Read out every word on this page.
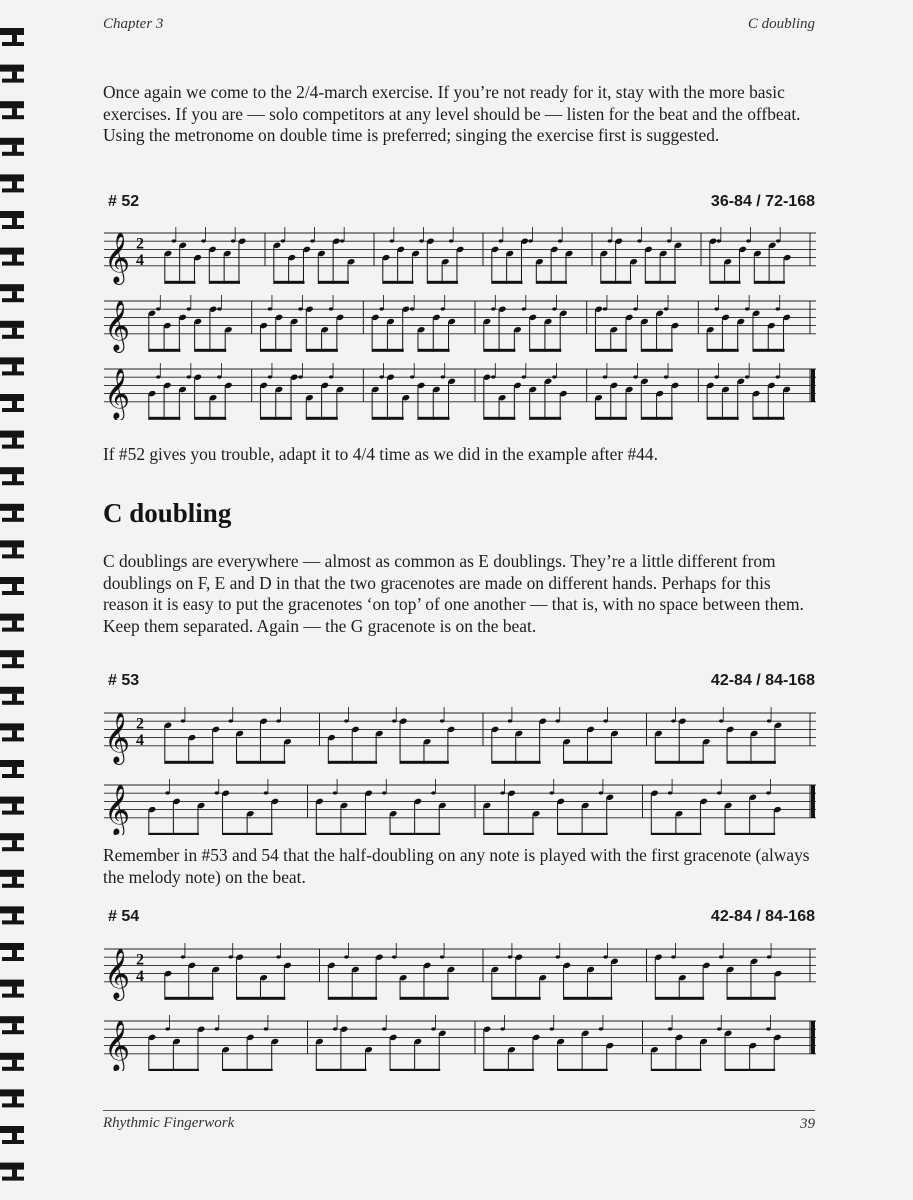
Chapter 3	C doubling

Once again we come to the 2/4-march exercise. If you’re not ready for it, stay with the more basic exercises. If you are — solo competitors at any level should be — listen for the beat and the offbeat. Using the metronome on double time is preferred; singing the exercise first is suggested.

# 52	36-84 / 72-168
𝄞 2
4
𝄞
𝄞

If #52 gives you trouble, adapt it to 4/4 time as we did in the example after #44.

C doubling

C doublings are everywhere — almost as common as E doublings. They’re a little different from doublings on F, E and D in that the two gracenotes are made on different hands. Perhaps for this reason it is easy to put the gracenotes ‘on top’ of one another — that is, with no space between them. Keep them separated. Again — the G gracenote is on the beat.

# 53	42-84 / 84-168
𝄞 2
4
𝄞

Remember in #53 and 54 that the half-doubling on any note is played with the first gracenote (always the melody note) on the beat.

# 54	42-84 / 84-168
𝄞 2
4
𝄞
Rhythmic Fingerwork	39
